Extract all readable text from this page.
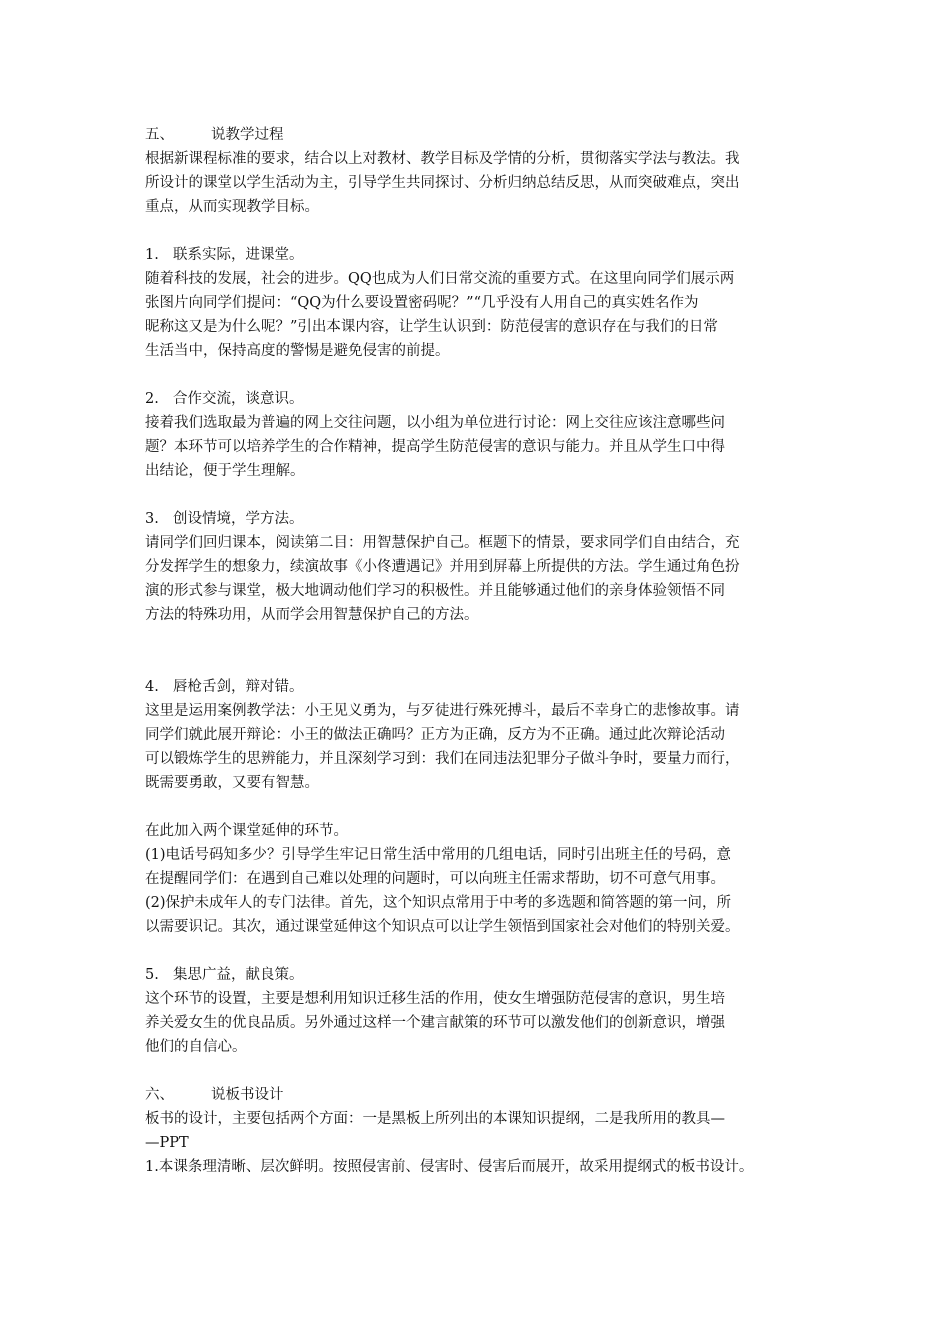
五、	说教学过程
根据新课程标准的要求，结合以上对教材、教学目标及学情的分析，贯彻落实学法与教法。我
所设计的课堂以学生活动为主，引导学生共同探讨、分析归纳总结反思，从而突破难点，突出
重点，从而实现教学目标。
1. 联系实际，进课堂。
随着科技的发展，社会的进步。QQ也成为人们日常交流的重要方式。在这里向同学们展示两
张图片向同学们提问：“QQ为什么要设置密码呢？”“几乎没有人用自己的真实姓名作为
昵称这又是为什么呢？”引出本课内容，让学生认识到：防范侵害的意识存在与我们的日常
生活当中，保持高度的警惕是避免侵害的前提。
2. 合作交流，谈意识。
接着我们选取最为普遍的网上交往问题，以小组为单位进行讨论：网上交往应该注意哪些问
题？本环节可以培养学生的合作精神，提高学生防范侵害的意识与能力。并且从学生口中得
出结论，便于学生理解。
3. 创设情境，学方法。
请同学们回归课本，阅读第二目：用智慧保护自己。框题下的情景，要求同学们自由结合，充
分发挥学生的想象力，续演故事《小佟遭遇记》并用到屏幕上所提供的方法。学生通过角色扮
演的形式参与课堂，极大地调动他们学习的积极性。并且能够通过他们的亲身体验领悟不同
方法的特殊功用，从而学会用智慧保护自己的方法。
4. 唇枪舌剑，辩对错。
这里是运用案例教学法：小王见义勇为，与歹徒进行殊死搏斗，最后不幸身亡的悲惨故事。请
同学们就此展开辩论：小王的做法正确吗？正方为正确，反方为不正确。通过此次辩论活动
可以锻炼学生的思辨能力，并且深刻学习到：我们在同违法犯罪分子做斗争时，要量力而行，
既需要勇敢，又要有智慧。
在此加入两个课堂延伸的环节。
(1)电话号码知多少？引导学生牢记日常生活中常用的几组电话，同时引出班主任的号码，意
在提醒同学们：在遇到自己难以处理的问题时，可以向班主任需求帮助，切不可意气用事。
(2)保护未成年人的专门法律。首先，这个知识点常用于中考的多选题和简答题的第一问，所
以需要识记。其次，通过课堂延伸这个知识点可以让学生领悟到国家社会对他们的特别关爱。
5. 集思广益，献良策。
这个环节的设置，主要是想利用知识迁移生活的作用，使女生增强防范侵害的意识，男生培
养关爱女生的优良品质。另外通过这样一个建言献策的环节可以激发他们的创新意识，增强
他们的自信心。
六、	说板书设计
板书的设计，主要包括两个方面：一是黑板上所列出的本课知识提纲，二是我所用的教具—
—PPT
1.本课条理清晰、层次鲜明。按照侵害前、侵害时、侵害后而展开，故采用提纲式的板书设计。
